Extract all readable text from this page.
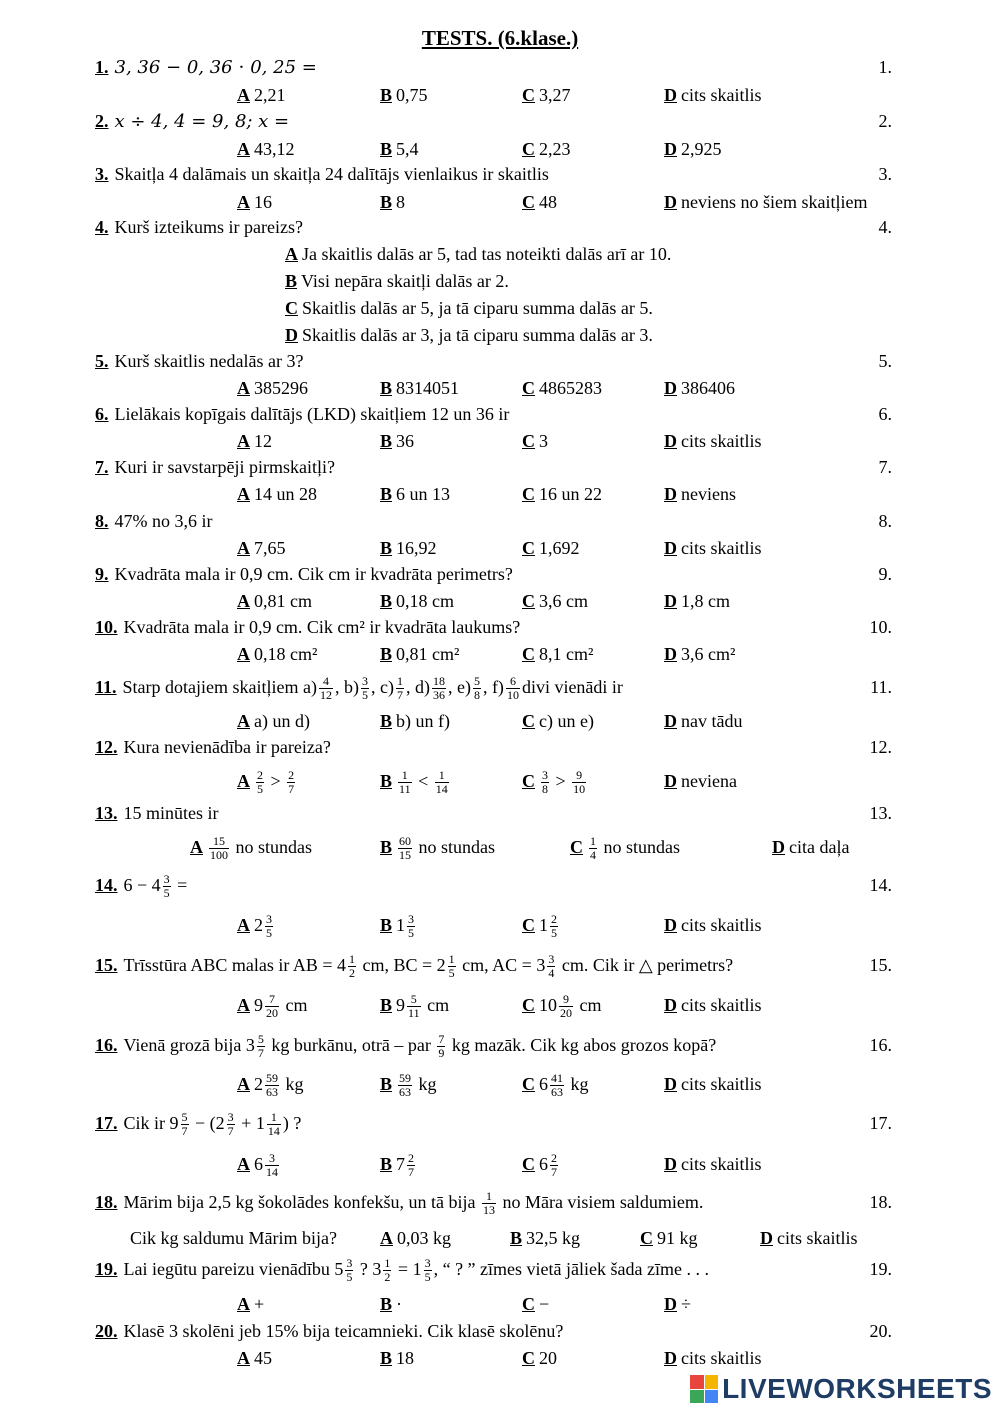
TESTS. (6.klase.)
1. 3, 36 − 0, 36 ⋅ 0, 25 =	1.
A 2,21	B 0,75	C 3,27	D cits skaitlis
2. x ÷ 4, 4 = 9, 8; x =	2.
A 43,12	B 5,4	C 2,23	D 2,925
3. Skaitļa 4 dalāmais un skaitļa 24 dalītājs vienlaikus ir skaitlis	3.
A 16	B 8	C 48	D neviens no šiem skaitļiem
4. Kurš izteikums ir pareizs?	4.
A Ja skaitlis dalās ar 5, tad tas noteikti dalās arī ar 10.
B Visi nepāra skaitļi dalās ar 2.
C Skaitlis dalās ar 5, ja tā ciparu summa dalās ar 5.
D Skaitlis dalās ar 3, ja tā ciparu summa dalās ar 3.
5. Kurš skaitlis nedalās ar 3?	5.
A 385296	B 8314051	C 4865283	D 386406
6. Lielākais kopīgais dalītājs (LKD) skaitļiem 12 un 36 ir	6.
A 12	B 36	C 3	D cits skaitlis
7. Kuri ir savstarpēji pirmskaitļi?	7.
A 14 un 28	B 6 un 13	C 16 un 22	D neviens
8. 47% no 3,6 ir	8.
A 7,65	B 16,92	C 1,692	D cits skaitlis
9. Kvadrāta mala ir 0,9 cm. Cik cm ir kvadrāta perimetrs?	9.
A 0,81 cm	B 0,18 cm	C 3,6 cm	D 1,8 cm
10. Kvadrāta mala ir 0,9 cm. Cik cm² ir kvadrāta laukums?	10.
A 0,18 cm²	B 0,81 cm²	C 8,1 cm²	D 3,6 cm²
11. Starp dotajiem skaitļiem $a) \frac{4}{12}$ , $b) \frac{3}{5}$ , $c) \frac{1}{7}$ , $d) \frac{18}{36}$ , $e) \frac{5}{8}$ , $f) \frac{6}{10}$ divi vienādi ir	11.
A a) un d)	B b) un f)	C c) un e)	D nav tādu
12. Kura nevienādība ir pareiza?	12.
A $\frac{2}{5} > \frac{2}{7}$	B $\frac{1}{11} < \frac{1}{14}$	C $\frac{3}{8} > \frac{9}{10}$	D neviena
13. 15 minūtes ir	13.
A $\frac{15}{100}$ no stundas	B $\frac{60}{15}$ no stundas	C $\frac{1}{4}$ no stundas	D cita daļa
14. $6 - 4 \frac{3}{5}$ =	14.
A $2 \frac{3}{5}$	B $1 \frac{3}{5}$	C $1 \frac{2}{5}$	D cits skaitlis
15. Trīsstūra ABC malas ir AB = $4 \frac{1}{2}$ cm, BC = $2 \frac{1}{5}$ cm, AC = $3 \frac{3}{4}$ cm. Cik ir △ perimetrs?	15.
A $9 \frac{7}{20}$ cm	B $9 \frac{5}{11}$ cm	C $10 \frac{9}{20}$ cm	D cits skaitlis
16. Vienā grozā bija $3 \frac{5}{7}$ kg burkānu, otrā – par $\frac{7}{9}$ kg mazāk. Cik kg abos grozos kopā?	16.
A $2 \frac{59}{63}$ kg	B $\frac{59}{63}$ kg	C $6 \frac{41}{63}$ kg	D cits skaitlis
17. Cik ir $9 \frac{5}{7} - (2 \frac{3}{7} + 1 \frac{1}{14}$ ) ?	17.
A $6 \frac{3}{14}$	B $7 \frac{2}{7}$	C $6 \frac{2}{7}$	D cits skaitlis
18. Mārim bija 2,5 kg šokolādes konfekšu, un tā bija $\frac{1}{13}$ no Māra visiem saldumiem.	18.
Cik kg saldumu Mārim bija? A 0,03 kg	B 32,5 kg	C 91 kg	D cits skaitlis
19. Lai iegūtu pareizu vienādību $5 \frac{3}{5}$ ? $3 \frac{1}{2} = 1 \frac{3}{5}$ , “ ? ” zīmes vietā jāliek šada zīme . . .	19.
A +	B ·	C −	D ÷
20. Klasē 3 skolēni jeb 15% bija teicamnieki. Cik klasē skolēnu?	20.
A 45	B 18	C 20	D cits skaitlis
LIVEWORKSHEETS
